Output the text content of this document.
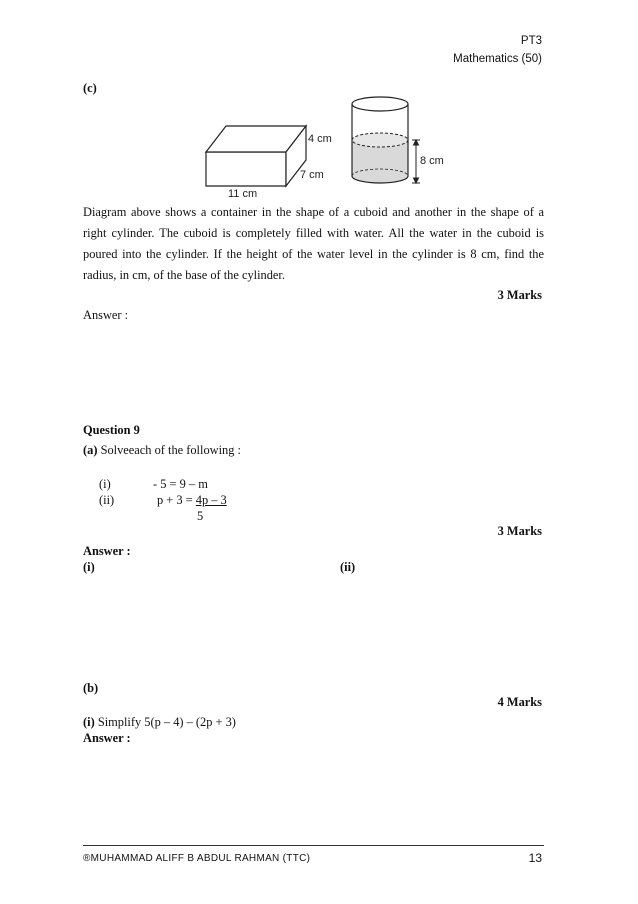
PT3
Mathematics (50)
(c)
4 cm
7 cm
11 cm
8 cm
Diagram above shows a container in the shape of a cuboid and another in the shape of a right cylinder. The cuboid is completely filled with water. All the water in the cuboid is poured into the cylinder. If the height of the water level in the cylinder is 8 cm, find the radius, in cm, of the base of the cylinder.
3 Marks
Answer :
Question 9
(a) Solveeach of the following :
(i)	- 5 = 9 – m
(ii)	p + 3 = 4p – 3
5
3 Marks
Answer :
(i)	(ii)
(b)
4 Marks
(i) Simplify 5(p – 4) – (2p + 3)
Answer :
®MUHAMMAD ALIFF B ABDUL RAHMAN (TTC)	13
